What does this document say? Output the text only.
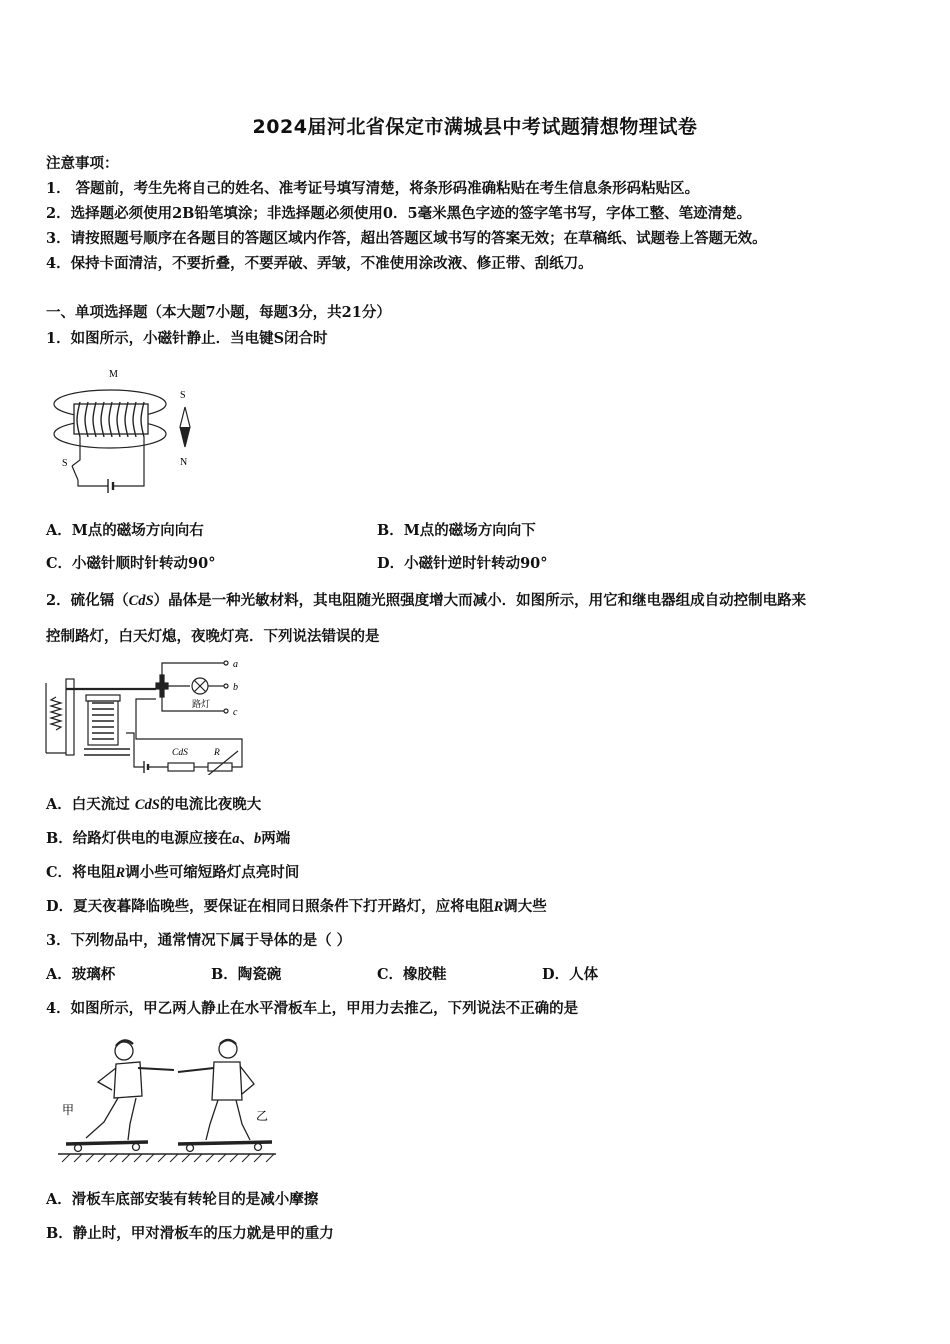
2024届河北省保定市满城县中考试题猜想物理试卷
注意事项：
1． 答题前，考生先将自己的姓名、准考证号填写清楚，将条形码准确粘贴在考生信息条形码粘贴区。
2．选择题必须使用2B铅笔填涂；非选择题必须使用0．5毫米黑色字迹的签字笔书写，字体工整、笔迹清楚。
3．请按照题号顺序在各题目的答题区域内作答，超出答题区域书写的答案无效；在草稿纸、试题卷上答题无效。
4．保持卡面清洁，不要折叠，不要弄破、弄皱，不准使用涂改液、修正带、刮纸刀。
一、单项选择题（本大题7小题，每题3分，共21分）
1．如图所示，小磁针静止．当电键S闭合时
M
S
S
N
A．M点的磁场方向向右	B．M点的磁场方向向下
C．小磁针顺时针转动90°	D．小磁针逆时针转动90°
2．硫化镉（CdS）晶体是一种光敏材料，其电阻随光照强度增大而减小．如图所示，用它和继电器组成自动控制电路来
控制路灯，白天灯熄，夜晚灯亮．下列说法错误的是
a
b
c
路灯
CdS	R
A．白天流过 CdS的电流比夜晚大
B．给路灯供电的电源应接在a、b两端
C．将电阻R调小些可缩短路灯点亮时间
D．夏天夜暮降临晚些，要保证在相同日照条件下打开路灯，应将电阻R调大些
3．下列物品中，通常情况下属于导体的是（ ）
A．玻璃杯	B．陶瓷碗	C．橡胶鞋	D．人体
4．如图所示，甲乙两人静止在水平滑板车上，甲用力去推乙，下列说法不正确的是
甲	乙
A．滑板车底部安装有转轮目的是减小摩擦
B．静止时，甲对滑板车的压力就是甲的重力
